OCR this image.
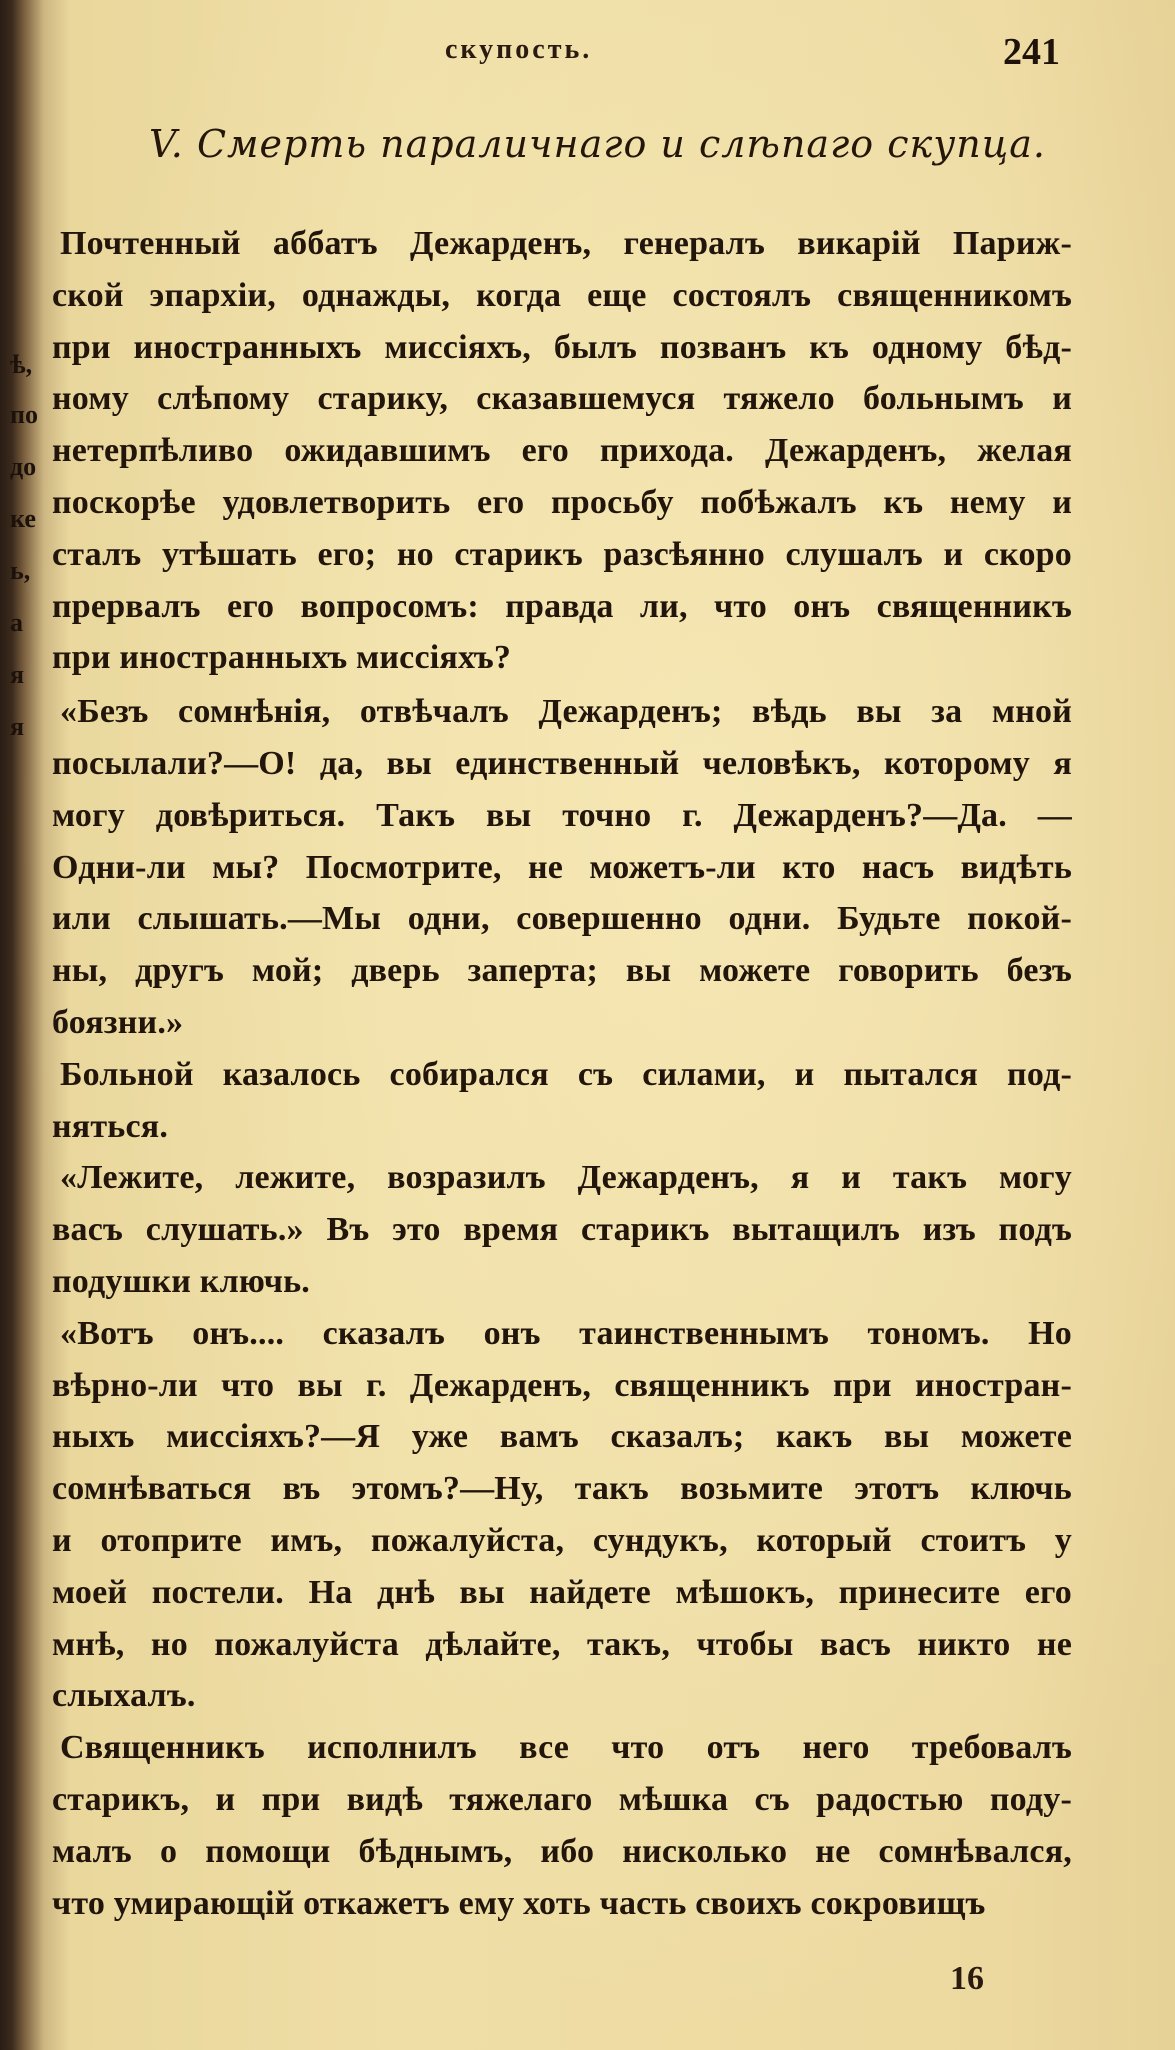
ѣ,
по
до
ке
ь,
а
я
я
скупость.	241
V. Смерть параличнаго и слѣпаго скупца.
Почтенный аббатъ Дежарденъ, генералъ викарій Париж-
ской эпархіи, однажды, когда еще состоялъ священникомъ
при иностранныхъ миссіяхъ, былъ позванъ къ одному бѣд-
ному слѣпому старику, сказавшемуся тяжело больнымъ и
нетерпѣливо ожидавшимъ его прихода. Дежарденъ, желая
поскорѣе удовлетворить его просьбу побѣжалъ къ нему и
сталъ утѣшать его; но старикъ разсѣянно слушалъ и скоро
прервалъ его вопросомъ: правда ли, что онъ священникъ
при иностранныхъ миссіяхъ?
«Безъ сомнѣнія, отвѣчалъ Дежарденъ; вѣдь вы за мной
посылали?—О! да, вы единственный человѣкъ, которому я
могу довѣриться. Такъ вы точно г. Дежарденъ?—Да. —
Одни-ли мы? Посмотрите, не можетъ-ли кто насъ видѣть
или слышать.—Мы одни, совершенно одни. Будьте покой-
ны, другъ мой; дверь заперта; вы можете говорить безъ
боязни.»
Больной казалось собирался съ силами, и пытался под-
няться.
«Лежите, лежите, возразилъ Дежарденъ, я и такъ могу
васъ слушать.» Въ это время старикъ вытащилъ изъ подъ
подушки ключь.
«Вотъ онъ.... сказалъ онъ таинственнымъ тономъ. Но
вѣрно-ли что вы г. Дежарденъ, священникъ при иностран-
ныхъ миссіяхъ?—Я уже вамъ сказалъ; какъ вы можете
сомнѣваться въ этомъ?—Ну, такъ возьмите этотъ ключь
и отоприте имъ, пожалуйста, сундукъ, который стоитъ у
моей постели. На днѣ вы найдете мѣшокъ, принесите его
мнѣ, но пожалуйста дѣлайте, такъ, чтобы васъ никто не
слыхалъ.
Священникъ исполнилъ все что отъ него требовалъ
старикъ, и при видѣ тяжелаго мѣшка съ радостью поду-
малъ о помощи бѣднымъ, ибо нисколько не сомнѣвался,
что умирающій откажетъ ему хоть часть своихъ сокровищъ
16
